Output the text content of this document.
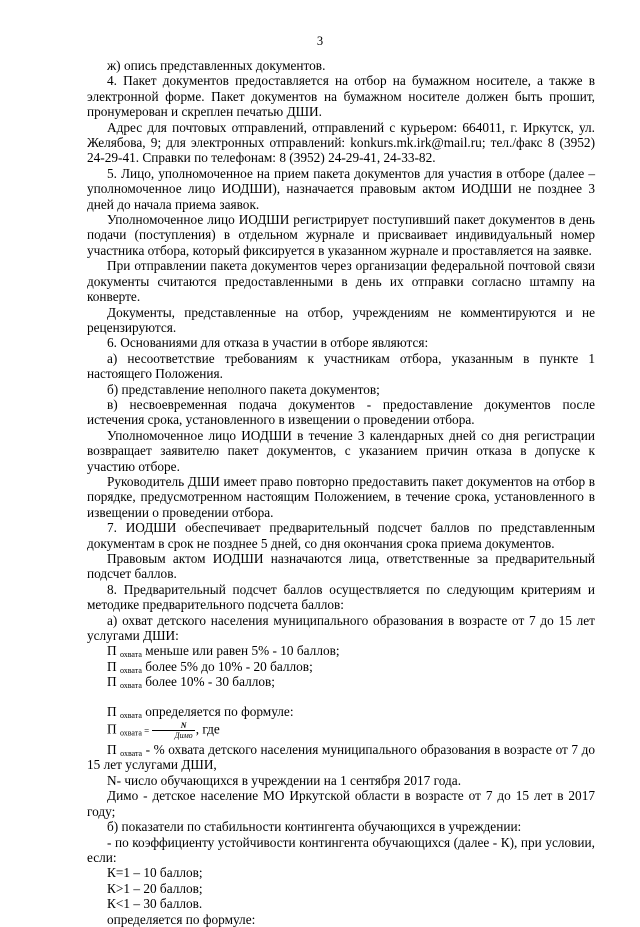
3

ж) опись представленных документов.

4. Пакет документов предоставляется на отбор на бумажном носителе, а также в электронной форме. Пакет документов на бумажном носителе должен быть прошит, пронумерован и скреплен печатью ДШИ.

Адрес для почтовых отправлений, отправлений с курьером: 664011, г. Иркутск, ул. Желябова, 9; для электронных отправлений: konkurs.mk.irk@mail.ru; тел./факс 8 (3952) 24-29-41. Справки по телефонам: 8 (3952) 24-29-41, 24-33-82.

5. Лицо, уполномоченное на прием пакета документов для участия в отборе (далее – уполномоченное лицо ИОДШИ), назначается правовым актом ИОДШИ не позднее 3 дней до начала приема заявок.

Уполномоченное лицо ИОДШИ регистрирует поступивший пакет документов в день подачи (поступления) в отдельном журнале и присваивает индивидуальный номер участника отбора, который фиксируется в указанном журнале и проставляется на заявке.

При отправлении пакета документов через организации федеральной почтовой связи документы считаются предоставленными в день их отправки согласно штампу на конверте.

Документы, представленные на отбор, учреждениям не комментируются и не рецензируются.

6. Основаниями для отказа в участии в отборе являются:

а) несоответствие требованиям к участникам отбора, указанным в пункте 1 настоящего Положения.

б) представление неполного пакета документов;

в) несвоевременная подача документов - предоставление документов после истечения срока, установленного в извещении о проведении отбора.

Уполномоченное лицо ИОДШИ в течение 3 календарных дней со дня регистрации возвращает заявителю пакет документов, с указанием причин отказа в допуске к участию отборе.

Руководитель ДШИ имеет право повторно предоставить пакет документов на отбор в порядке, предусмотренном настоящим Положением, в течение срока, установленного в извещении о проведении отбора.

7. ИОДШИ обеспечивает предварительный подсчет баллов по представленным документам в срок не позднее 5 дней, со дня окончания срока приема документов.

Правовым актом ИОДШИ назначаются лица, ответственные за предварительный подсчет баллов.

8. Предварительный подсчет баллов осуществляется по следующим критериям и методике предварительного подсчета баллов:

а) охват детского населения муниципального образования в возрасте от 7 до 15 лет услугами ДШИ:

П $_{охвата}$ меньше или равен 5% - 10 баллов;

П $_{охвата}$ более 5% до 10% - 20 баллов;

П $_{охвата}$ более 10% - 30 баллов;

П $_{охвата}$ определяется по формуле:

П $_{охвата} = \frac{N}{\text{Димо}}$ , где

П $_{охвата}$ - % охвата детского населения муниципального образования в возрасте от 7 до 15 лет услугами ДШИ,

N- число обучающихся в учреждении на 1 сентября 2017 года.

Димо - детское население МО Иркутской области в возрасте от 7 до 15 лет в 2017 году;

б) показатели по стабильности контингента обучающихся в учреждении:

- по коэффициенту устойчивости контингента обучающихся (далее - К), при условии, если:

К=1 – 10 баллов;

К>1 – 20 баллов;

К<1 – 30 баллов.

определяется по формуле:
